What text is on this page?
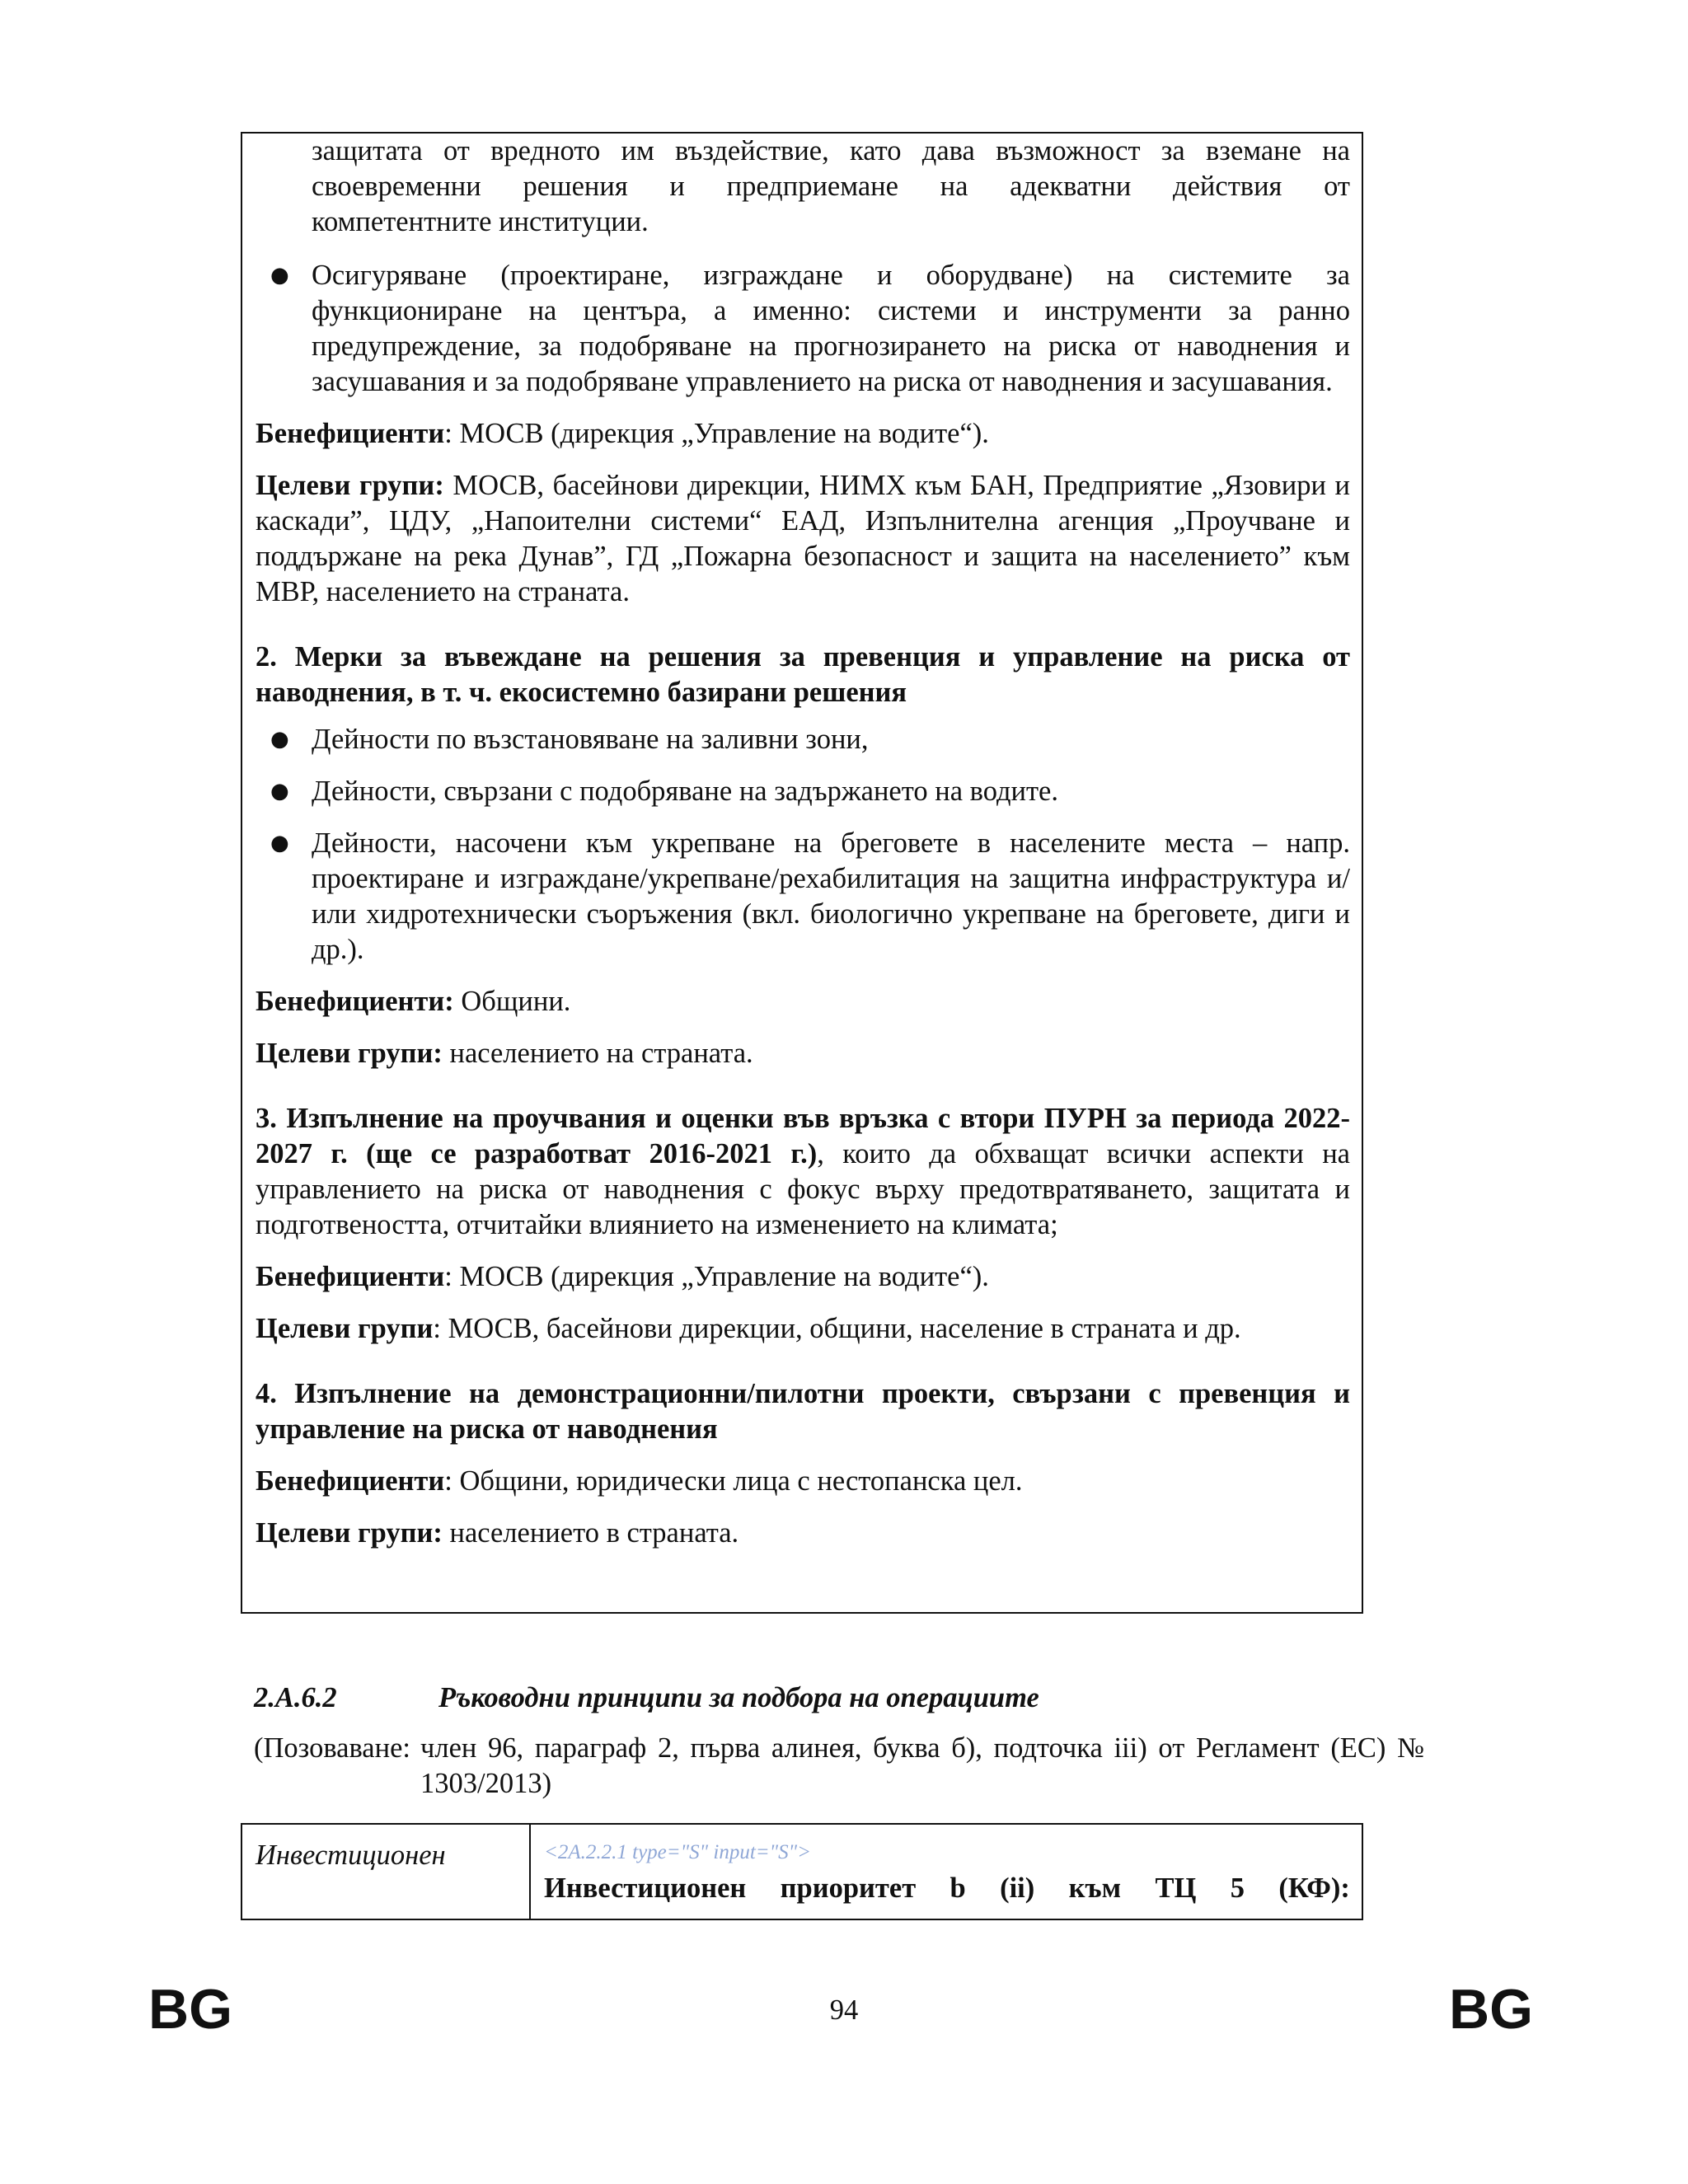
защитата от вредното им въздействие, като дава възможност за вземане на

своевременни решения и предприемане на адекватни действия от

компетентните институции.

● Осигуряване (проектиране, изграждане и оборудване) на системите за функциониране на центъра, а именно: системи и инструменти за ранно предупреждение, за подобряване на прогнозирането на риска от наводнения и засушавания и за подобряване управлението на риска от наводнения и засушавания.

Бенефициенти: МОСВ (дирекция „Управление на водите“).

Целеви групи: МОСВ, басейнови дирекции, НИМХ към БАН, Предприятие „Язовири и каскади”, ЦДУ, „Напоителни системи“ ЕАД, Изпълнителна агенция „Проучване и поддържане на река Дунав”, ГД „Пожарна безопасност и защита на населението” към МВР, населението на страната.

2. Мерки за въвеждане на решения за превенция и управление на риска от наводнения, в т. ч. екосистемно базирани решения

● Дейности по възстановяване на заливни зони,
● Дейности, свързани с подобряване на задържането на водите.
● Дейности, насочени към укрепване на бреговете в населените места – напр. проектиране и изграждане/укрепване/рехабилитация на защитна инфраструктура и/или хидротехнически съоръжения (вкл. биологично укрепване на бреговете, диги и др.).

Бенефициенти: Общини.

Целеви групи: населението на страната.

3. Изпълнение на проучвания и оценки във връзка с втори ПУРН за периода 2022-2027 г. (ще се разработват 2016-2021 г.), които да обхващат всички аспекти на управлението на риска от наводнения с фокус върху предотвратяването, защитата и подготвеността, отчитайки влиянието на изменението на климата;

Бенефициенти: МОСВ (дирекция „Управление на водите“).

Целеви групи: МОСВ, басейнови дирекции, общини, население в страната и др.

4. Изпълнение на демонстрационни/пилотни проекти, свързани с превенция и управление на риска от наводнения

Бенефициенти: Общини, юридически лица с нестопанска цел.

Целеви групи: населението в страната.

2.A.6.2	Ръководни принципи за подбора на операциите
(Позоваване: член 96, параграф 2, първа алинея, буква б), подточка iii) от Регламент (ЕС) № 1303/2013)
Инвестиционен	<2A.2.2.1 type="S" input="S">
Инвестиционен приоритет b (ii) към ТЦ 5 (КФ):
BG	94	BG
